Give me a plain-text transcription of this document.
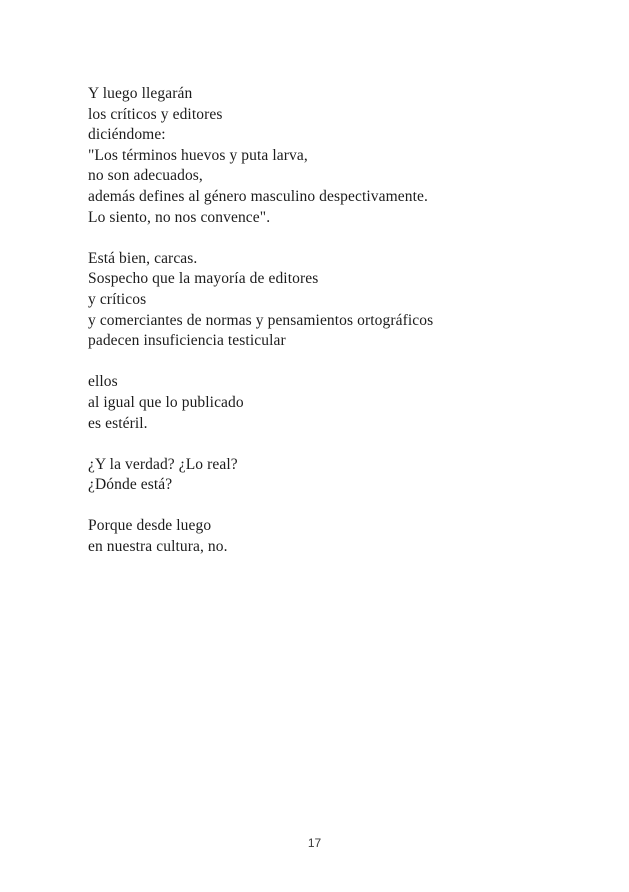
Y luego llegarán
los críticos y editores
diciéndome:
"Los términos huevos y puta larva,
no son adecuados,
además defines al género masculino despectivamente.
Lo siento, no nos convence".
Está bien, carcas.
Sospecho que la mayoría de editores
y críticos
y comerciantes de normas y pensamientos ortográficos
padecen insuficiencia testicular
ellos
al igual que lo publicado
es estéril.
¿Y la verdad? ¿Lo real?
¿Dónde está?
Porque desde luego
en nuestra cultura, no.
17
